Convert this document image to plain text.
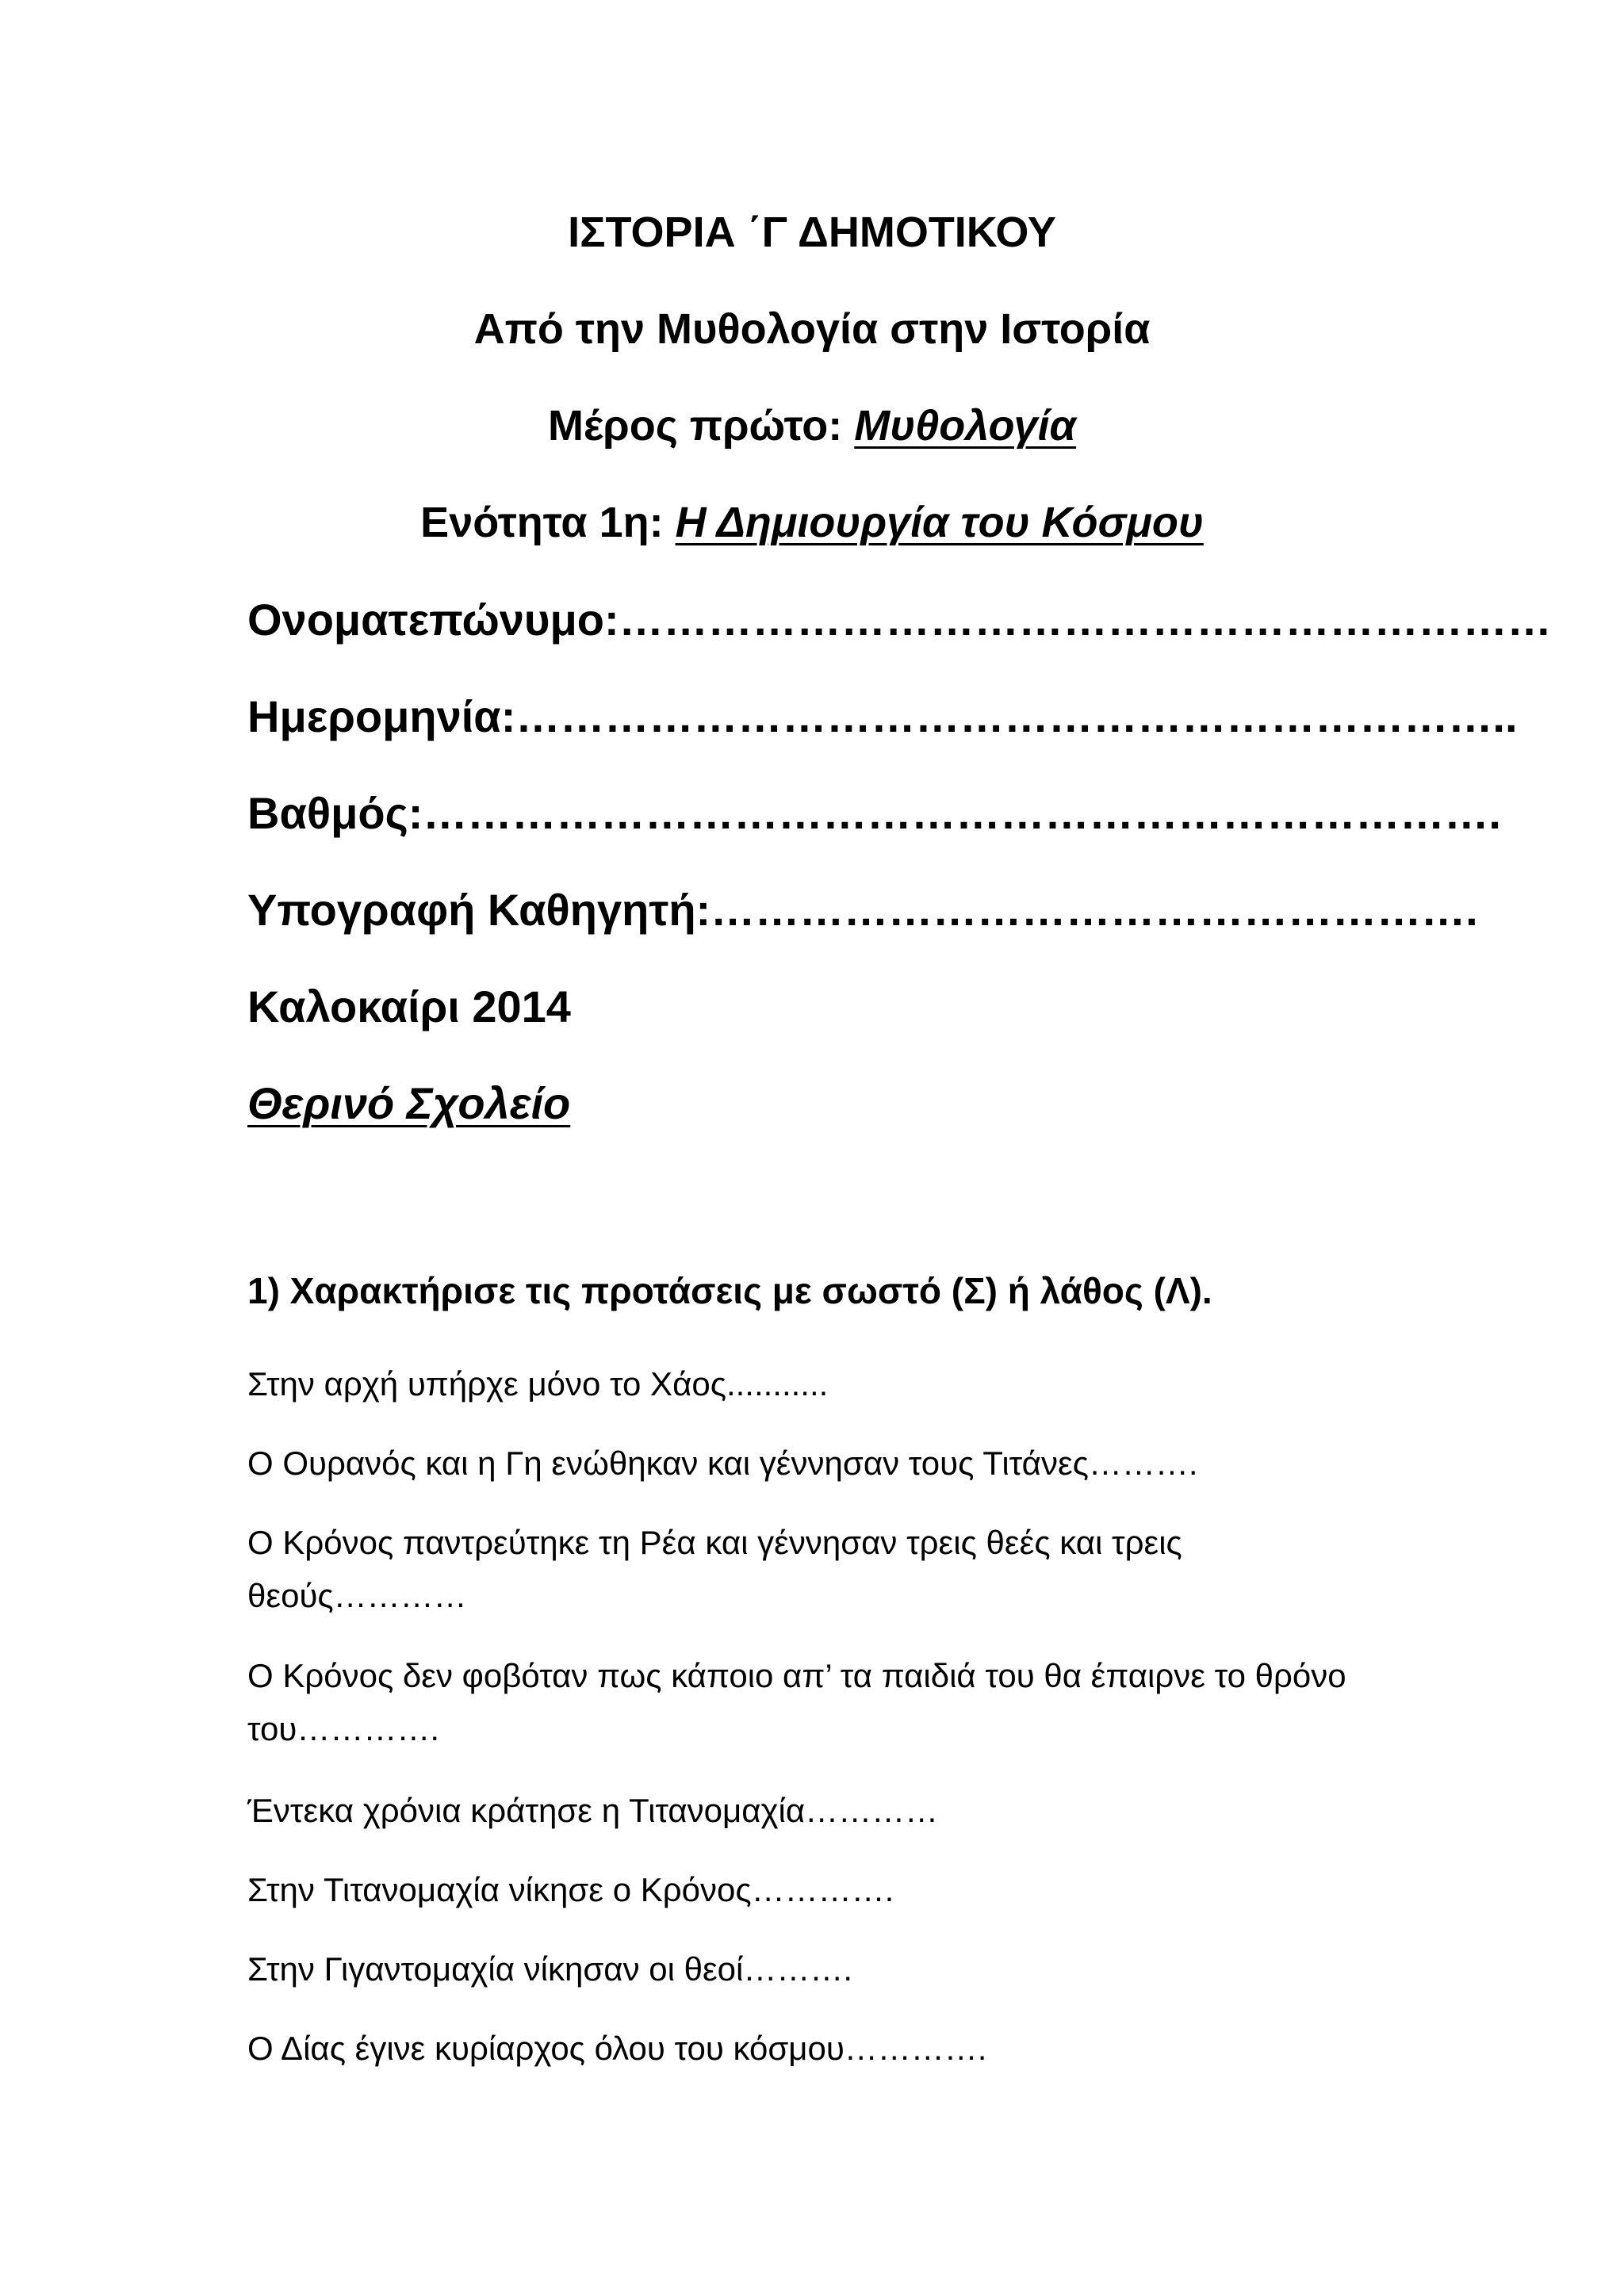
ΙΣΤΟΡΙΑ ΄Γ ΔΗΜΟΤΙΚΟΥ
Από την Μυθολογία στην Ιστορία
Μέρος πρώτο: Μυθολογία
Ενότητα 1η: Η Δημιουργία του Κόσμου
Ονοματεπώνυμο:………………………………………………………
Ημερομηνία:…………………………………………………………..
Βαθμός:……………………………………………………………….
Υπογραφή Καθηγητή:…………………………………………….
Καλοκαίρι 2014
Θερινό Σχολείο
1) Χαρακτήρισε τις προτάσεις με σωστό (Σ) ή λάθος (Λ).
Στην αρχή υπήρχε μόνο το Χάος...........
Ο Ουρανός και η Γη ενώθηκαν και γέννησαν τους Τιτάνες……….
Ο Κρόνος παντρεύτηκε τη Ρέα και γέννησαν τρεις θεές και τρεις θεούς…………
Ο Κρόνος δεν φοβόταν πως κάποιο απ’ τα παιδιά του θα έπαιρνε το θρόνο του………….
Έντεκα χρόνια κράτησε η Τιτανομαχία…………
Στην Τιτανομαχία νίκησε ο Κρόνος………….
Στην Γιγαντομαχία νίκησαν οι θεοί……….
Ο Δίας έγινε κυρίαρχος όλου του κόσμου………….
